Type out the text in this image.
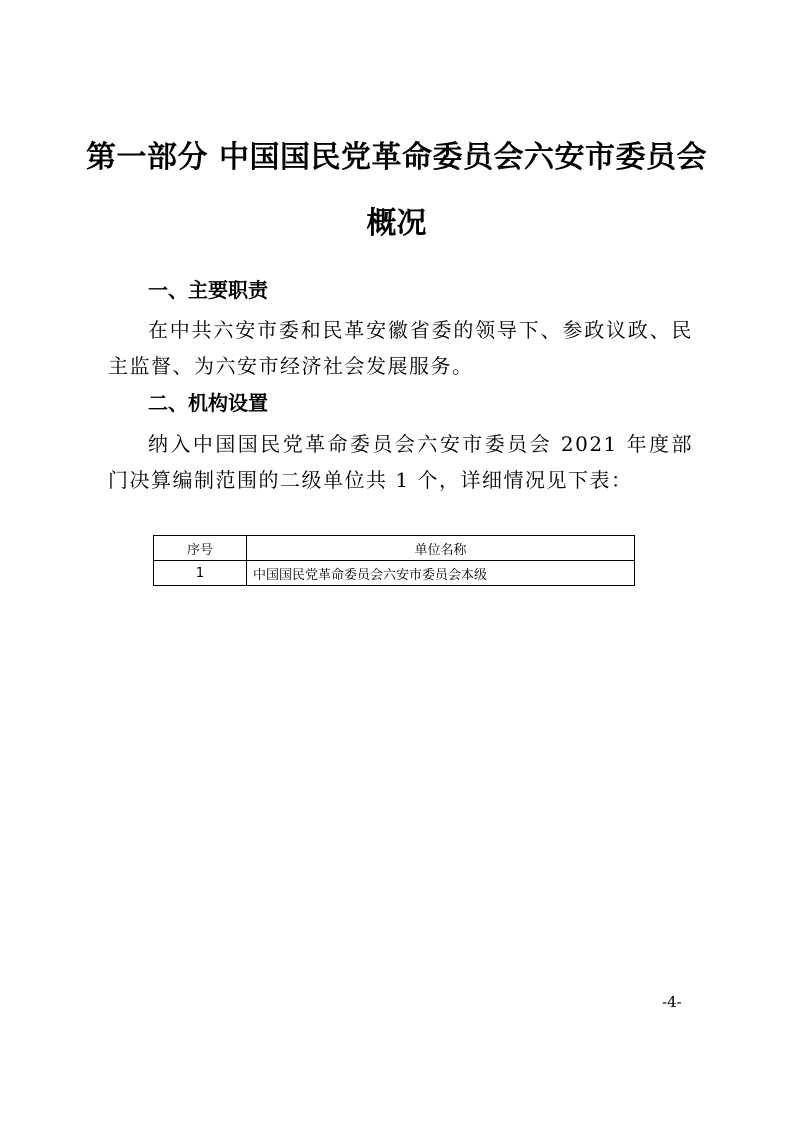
第一部分 中国国民党革命委员会六安市委员会
概况
一、主要职责
在中共六安市委和民革安徽省委的领导下、参政议政、民主监督、为六安市经济社会发展服务。
二、机构设置
纳入中国国民党革命委员会六安市委员会 2021 年度部门决算编制范围的二级单位共 1 个，详细情况见下表：
序号	单位名称
1	中国国民党革命委员会六安市委员会本级
-4-
